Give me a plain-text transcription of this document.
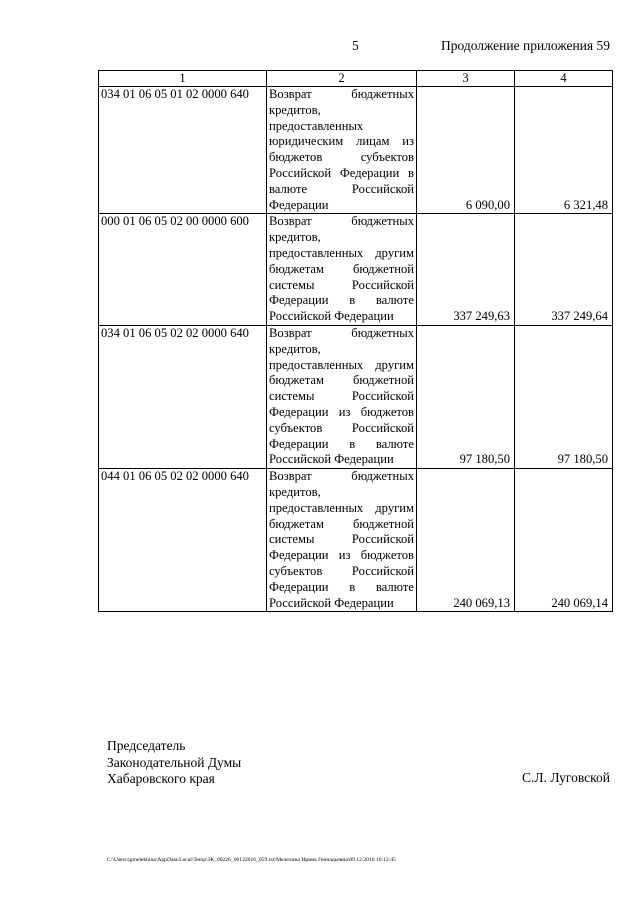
5	Продолжение приложения 59
1	2	3	4
034 01 06 05 01 02 0000 640	Возврат бюджетных кредитов, предоставленных юридическим лицам из бюджетов субъектов Российской Федерации в валюте Российской Федерации	6 090,00	6 321,48
000 01 06 05 02 00 0000 600	Возврат бюджетных кредитов, предоставленных другим бюджетам бюджетной системы Российской Федерации в валюте Российской Федерации	337 249,63	337 249,64
034 01 06 05 02 02 0000 640	Возврат бюджетных кредитов, предоставленных другим бюджетам бюджетной системы Российской Федерации из бюджетов субъектов Российской Федерации в валюте Российской Федерации	97 180,50	97 180,50
044 01 06 05 02 02 0000 640	Возврат бюджетных кредитов, предоставленных другим бюджетам бюджетной системы Российской Федерации из бюджетов субъектов Российской Федерации в валюте Российской Федерации	240 069,13	240 069,14
Председатель
Законодательной Думы
Хабаровского края	С.Л. Луговской
C:\Users\igmelekhina\AppData\Local\Temp\ЗК_00226_06122016_059.txt\Мелехина Ирина Геннадьевна\09.12.2016 10:12:45
